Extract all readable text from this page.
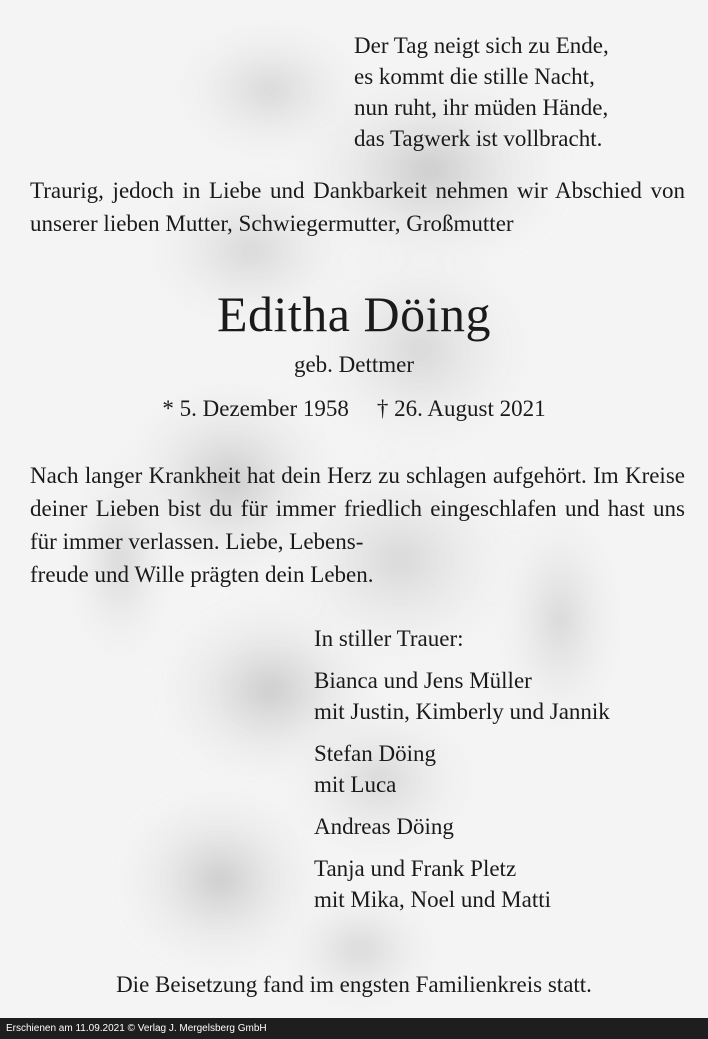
Der Tag neigt sich zu Ende,
es kommt die stille Nacht,
nun ruht, ihr müden Hände,
das Tagwerk ist vollbracht.
Traurig, jedoch in Liebe und Dankbarkeit nehmen wir Abschied von unserer lieben Mutter, Schwiegermutter, Großmutter
Editha Döing
geb. Dettmer
* 5. Dezember 1958 † 26. August 2021
Nach langer Krankheit hat dein Herz zu schlagen aufgehört. Im Kreise deiner Lieben bist du für immer friedlich eingeschlafen und hast uns für immer verlassen. Liebe, Lebens-
freude und Wille prägten dein Leben.
In stiller Trauer:
Bianca und Jens Müller
mit Justin, Kimberly und Jannik
Stefan Döing
mit Luca
Andreas Döing
Tanja und Frank Pletz
mit Mika, Noel und Matti
Die Beisetzung fand im engsten Familienkreis statt.
Erschienen am 11.09.2021 © Verlag J. Mergelsberg GmbH
